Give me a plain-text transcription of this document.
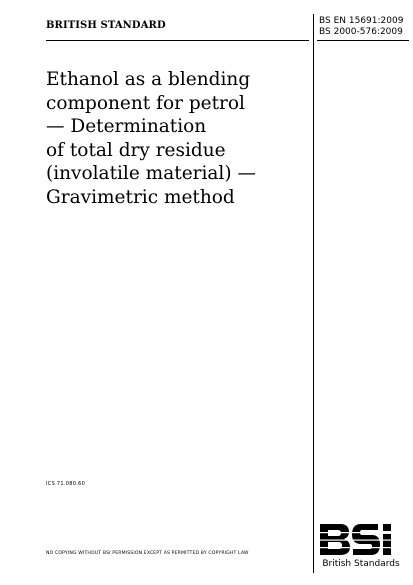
BRITISH STANDARD	BS EN 15691:2009
BS 2000-576:2009
Ethanol as a blending
component for petrol
— Determination
of total dry residue
(involatile material) —
Gravimetric method
ICS 71.080.60
NO COPYING WITHOUT BSI PERMISSION EXCEPT AS PERMITTED BY COPYRIGHT LAW
British Standards
